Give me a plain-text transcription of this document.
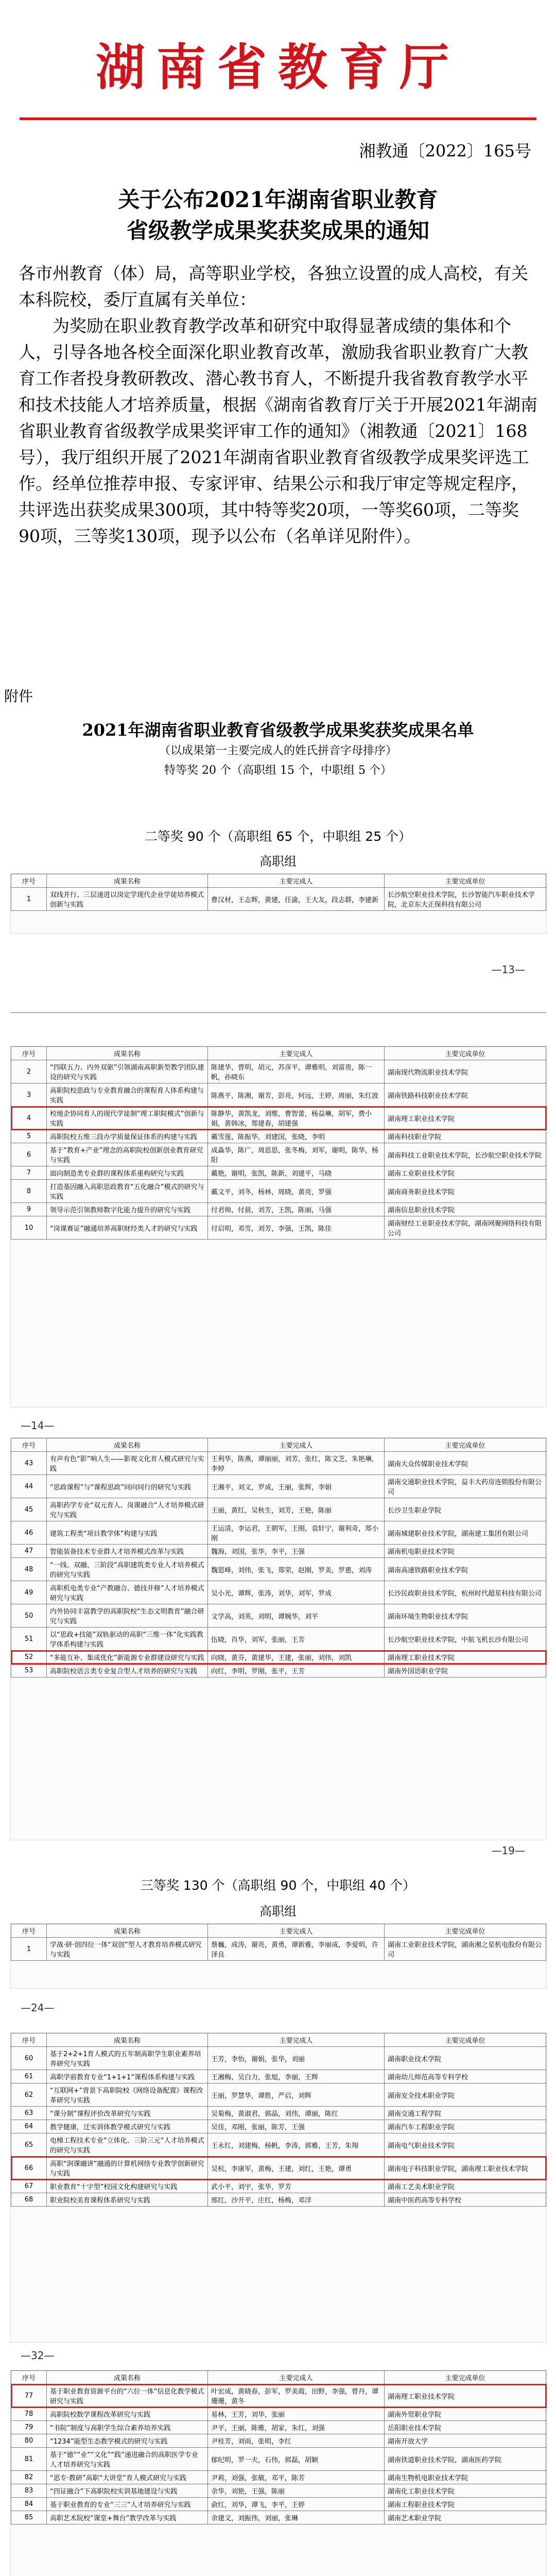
湖南省教育厅
湘教通〔2022〕165号
关于公布2021年湖南省职业教育
省级教学成果奖获奖成果的通知

各市州教育（体）局，高等职业学校，各独立设置的成人高校，有关本科院校，委厅直属有关单位：

为奖励在职业教育教学改革和研究中取得显著成绩的集体和个人，引导各地各校全面深化职业教育改革，激励我省职业教育广大教育工作者投身教研教改、潜心教书育人，不断提升我省教育教学水平和技术技能人才培养质量，根据《湖南省教育厅关于开展2021年湖南省职业教育省级教学成果奖评审工作的通知》（湘教通〔2021〕168号），我厅组织开展了2021年湖南省职业教育省级教学成果奖评选工作。经单位推荐申报、专家评审、结果公示和我厅审定等规定程序，共评选出获奖成果300项，其中特等奖20项，一等奖60项，二等奖90项，三等奖130项，现予以公布（名单详见附件）。

附件
2021年湖南省职业教育省级教学成果奖获奖成果名单
（以成果第一主要完成人的姓氏拼音字母排序）
特等奖 20 个（高职组 15 个，中职组 5 个）
二等奖 90 个（高职组 65 个，中职组 25 个）
高职组
序号	成果名称	主要完成人	主要完成单位
1	双线并行、三层递进以岗定学现代企业学徒培养模式创新与实践	曹汉材，王志辉，黄建，任渝，王大友，段志群，李建新	长沙航空职业技术学院，长沙智能汽车职业技术学院，北京东大正保科技有限公司
—13—
序号	成果名称	主要完成人	主要完成单位
2	“四联五力、内外双驱”引领湖南高职新型教学团队建设的研究与实践	陈建华，曾明，胡元，苏彦平，谭雅明，刘富贵，陈一帆，孙晓东	湖南现代物流职业技术学院
3	高职院校思政与专业教育融合的课程育人体系构建与实践	陈燕平，陈湘，谢芳，彭亮，何远，王婷，周丽，朱红波	湖南铁路科技职业技术学院
4	校地企协同育人的现代学徒制“理工职院模式”创新与实践	陈静华，黄凯龙，刘维，曹智蕾，杨益琳，胡军，费小娟，黄韩冰，郑建春，胡建强	湖南理工职业技术学院
5	高职院校五维三段办学质量保证体系的构建与实践	戴雪莲，陈振华，刘建国，张晓，李明	湖南科技职业学院
6	基于“教育+产业”理念的高职院校创新创业教育研究与实践	成淼华，陈广，周思思，张冬梅，刘军，谢明，陈华，杨阳	湖南科技工业职业技术学院，长沙航空职业技术学院
7	面向制造类专业群的课程体系重构研究与实践	戴艳，谢明，张凯，陈新，刘建平，马晓	湖南工业职业技术学院
8	打造基因融入高职思政教育“五化融合”模式的研究与实践	戴文平，刘冬，杨林，周晓，黄亮，罗强	湖南商务职业技术学院
9	领导示范引领教师数字化能力提升的研究与实践	付君帅，付晨，刘芳，王凯，陈丽，马强	湖南信息职业技术学院
10	“岗课赛证”融通培养高职财经类人才的研究与实践	付启明，邓雪，刘芳，李强，王凯，陈佳	湖南财经工业职业技术学院，湖南网聚网络科技有限公司
—14—
序号	成果名称	主要完成人	主要完成单位
43	有声有色“影”响人生——影视文化育人模式研究与实践	王利华，陈燕，谭丽丽，刘芳，张红，陈文芝，朱艳琳，李婷	湖南大众传媒职业技术学院
44	“思政课程”与“课程思政”同向同行的研究与实践	王湘平，刘文，罗成，王丽，张辉，李娟	湖南交通职业技术学院，益丰大药房连锁股份有限公司
45	高职药学专业“双元育人、岗课融合”人才培养模式研究与实践	王丽，黄红，吴秋生，刘芳，王艳，陈丽	长沙卫生职业学院
46	建筑工程类“项目教学体”构建与实践	王运清，李运君，王朝军，王刚，袁轩宁，谢利奇，郑小刚	湖南城建职业技术学院，湖南建工集团有限公司
47	智能装备技术专业群人才培养模式改革与实践	魏海，刘国，张华，李平，王强	湖南机电职业技术学院
48	“一线、双融、三阶段”高职建筑类专业人才培养模式的研究与实践	魏恩峰，刘伟，张飞，郑荣，赵刚，罗美，罗惠，刘涛	湖南高速铁路职业技术学院
49	高职机电类专业“产教融合、德技并修”人才培养模式研究与实践	吴小光，谭辉，张涛，刘华，刘军，罗成	长沙民政职业技术学院，杭州时代超星科技有限公司
50	内外协同丰富教学的高职院校“生态文明教育”融合研究与实践	文学高，刘英，刘明，谭婉华，刘平	湖南环境生物职业技术学院
51	以“思政+技能”双轨驱动的高职“三维一体”化实践教学体系构建与实践	伍晓，肖华，刘军，张丽，王芳	长沙航空职业技术学院，中航飞机长沙有限公司
52	“多能互补、集成优化”新能源专业群建设研究与实践	向晓，黄芬，黄建华，王建，张丽，刘伟，刘凯	湖南理工职业技术学院
53	高职院校语言类专业复合型人才培养的研究与实践	向红，李明，罗刚，张平，王芳	湖南外国语职业学院
—19—
三等奖 130 个（高职组 90 个，中职组 40 个）
高职组
序号	成果名称	主要完成人	主要完成单位
1	学战·研·创四位一体“双创”型人才教育培养模式研究与实践	蔡巍，成涛，谢亮，黄勇，谭新雅，李丽成，李爱明，许泽良	湖南工业职业技术学院，湖南湘之星机电股份有限公司
—24—
序号	成果名称	主要完成人	主要完成单位
60	基于2+2+1育人模式的五年制高职学生职业素养培养研究与实践	王芳，李怡，谢娟，张华，刘丽	湖南职业技术学院
61	高职学前教育专业“1+1+1”课程体系构建与实践	王湘梅，吴白力，张旭，李丽，王辉	湖南幼儿师范高等专科学校
62	“互联网+”背景下高职院校《网络设备配置》课程改革研究与实践	王丽，罗慧华，谭胜，严启，刘辉	湖南安全技术职业学院
63	“课分制”课程评价改革研究与实践	吴菊梅，黄淑君，郭晶，刘伟，谭丽，陈红	湖南交通工程学院
64	教学健康，迁实训体教学模式研究与实践	吴佳，邓刚，张丽，陈芳，王强	湖南汽车工程职业学院
65	电梯工程技术专业“立体化、三阶三元”人才培养模式的研究与实践	王永红，刘建梅，杨帆，李涛，郭雅，王芳，朱翔	湖南电气职业技术学院
66	高职“润课融讲”融通的计算机网络专业教学创新研究与实践	吴杭，李康军，黄梅，王建，刘红，王艳，谭勇	湖南电子科技职业学院，湖南理工职业技术学院
67	职业教育“十字型”校园文化构建研究与实践	武小平，刘宇，张华，罗芳	湖南工艺美术职业学院
68	职业院校美育课程体系研究与实践	邢红，沙开平，庄红，杨梅，邓洋	湖南中医药高等专科学校
—32—
序号	成果名称	主要完成人	主要完成单位
77	基于职业教育资源平台的“六位一体”信息化教学模式研究与实践	叶宏成，黄晓春，彭军，罗美霞，田野，李强，曾丹，谭珊珊，黄冬	湖南理工职业技术学院
78	高职院校数学课程改革研究与实践	易林，王芳，刘华，张丽	湖南外贸职业学院
79	“书院”制度与高职学生综合素养培养实践	尹平，王丽，陈雅，胡家，朱红，刘强	岳阳职业技术学院
80	“1234”能型生态教学模式的研究与实践	尹桂芳，刘雨，张明，李红	湖南开放大学
81	基于“德”“业”“文化”“践”递进融合的高职医学专业人才培养研究与实践	郁纪明，罗一夫，石伟，郭磊，胡颖	湖南铁道职业技术学院，湖南医药学院
82	“思专·教研”高职“大讲堂”育人模式研究与实践	尹莉，刘强，张敏，邓平，陈芳	湖南生物机电职业技术学院
83	“四证融合”下高职院校实训基地建设与实践	余华，刘艳，王强，陈丽	湖南化工职业技术学院
84	基于职业教育的专业“三三”人才培养研究与实践	俞红，刘华，谭飞，李平，王婷	湖南工程职业技术学院
85	高职艺术院校“课堂+舞台”教学改革与实践	余建文，刘振伟，刘丽，张琳	湖南艺术职业学院
